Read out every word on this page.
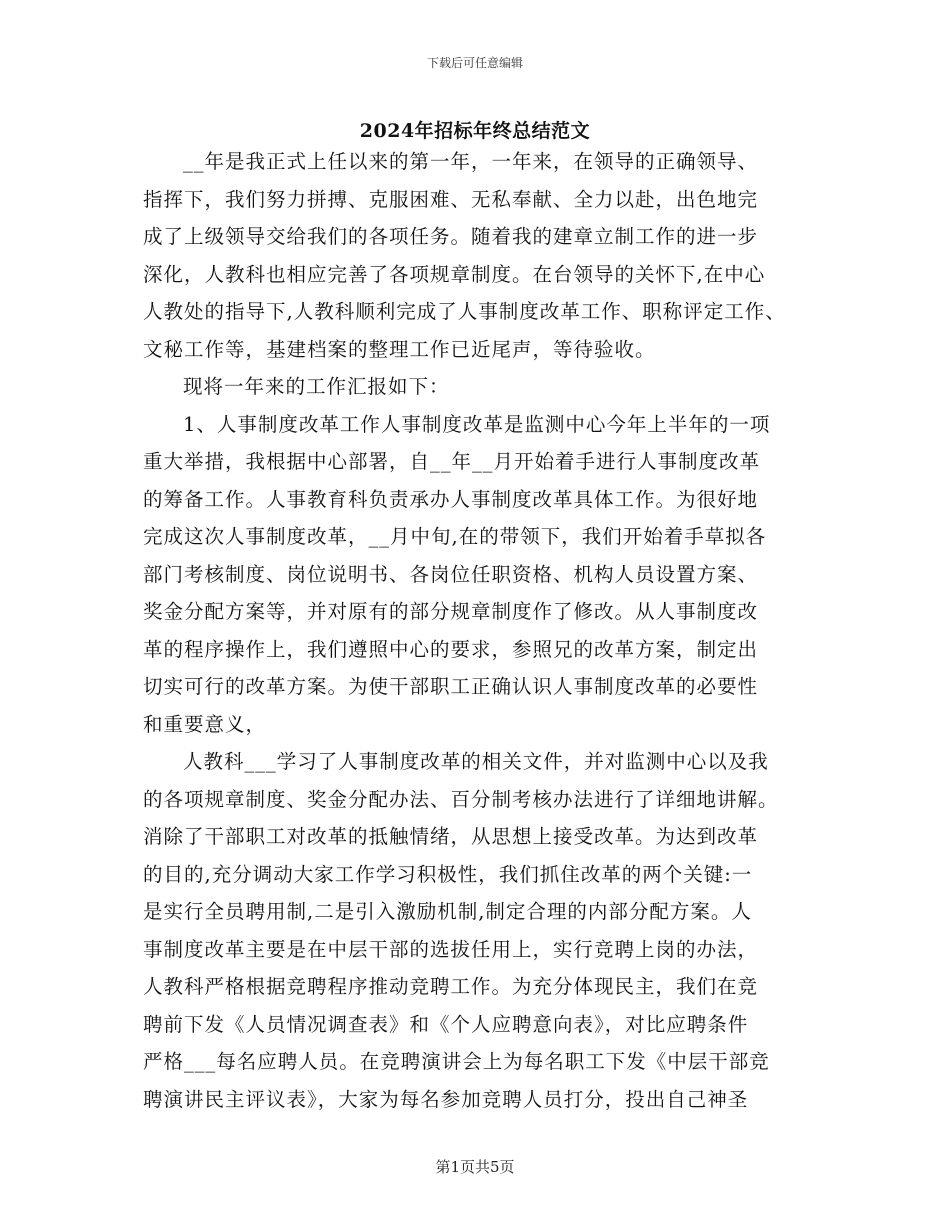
下载后可任意编辑
2024年招标年终总结范文
__年是我正式上任以来的第一年，一年来，在领导的正确领导、
指挥下，我们努力拼搏、克服困难、无私奉献、全力以赴，出色地完
成了上级领导交给我们的各项任务。随着我的建章立制工作的进一步
深化，人教科也相应完善了各项规章制度。在台领导的关怀下,在中心
人教处的指导下,人教科顺利完成了人事制度改革工作、职称评定工作、
文秘工作等，基建档案的整理工作已近尾声，等待验收。
现将一年来的工作汇报如下：
1、人事制度改革工作人事制度改革是监测中心今年上半年的一项
重大举措，我根据中心部署，自__年__月开始着手进行人事制度改革
的筹备工作。人事教育科负责承办人事制度改革具体工作。为很好地
完成这次人事制度改革，__月中旬,在的带领下，我们开始着手草拟各
部门考核制度、岗位说明书、各岗位任职资格、机构人员设置方案、
奖金分配方案等，并对原有的部分规章制度作了修改。从人事制度改
革的程序操作上，我们遵照中心的要求，参照兄的改革方案，制定出
切实可行的改革方案。为使干部职工正确认识人事制度改革的必要性
和重要意义，
人教科___学习了人事制度改革的相关文件，并对监测中心以及我
的各项规章制度、奖金分配办法、百分制考核办法进行了详细地讲解。
消除了干部职工对改革的抵触情绪，从思想上接受改革。为达到改革
的目的,充分调动大家工作学习积极性，我们抓住改革的两个关键:一
是实行全员聘用制,二是引入激励机制,制定合理的内部分配方案。人
事制度改革主要是在中层干部的选拔任用上，实行竞聘上岗的办法，
人教科严格根据竞聘程序推动竞聘工作。为充分体现民主，我们在竞
聘前下发《人员情况调查表》和《个人应聘意向表》，对比应聘条件
严格___每名应聘人员。在竞聘演讲会上为每名职工下发《中层干部竞
聘演讲民主评议表》，大家为每名参加竞聘人员打分，投出自己神圣
第1页共5页
